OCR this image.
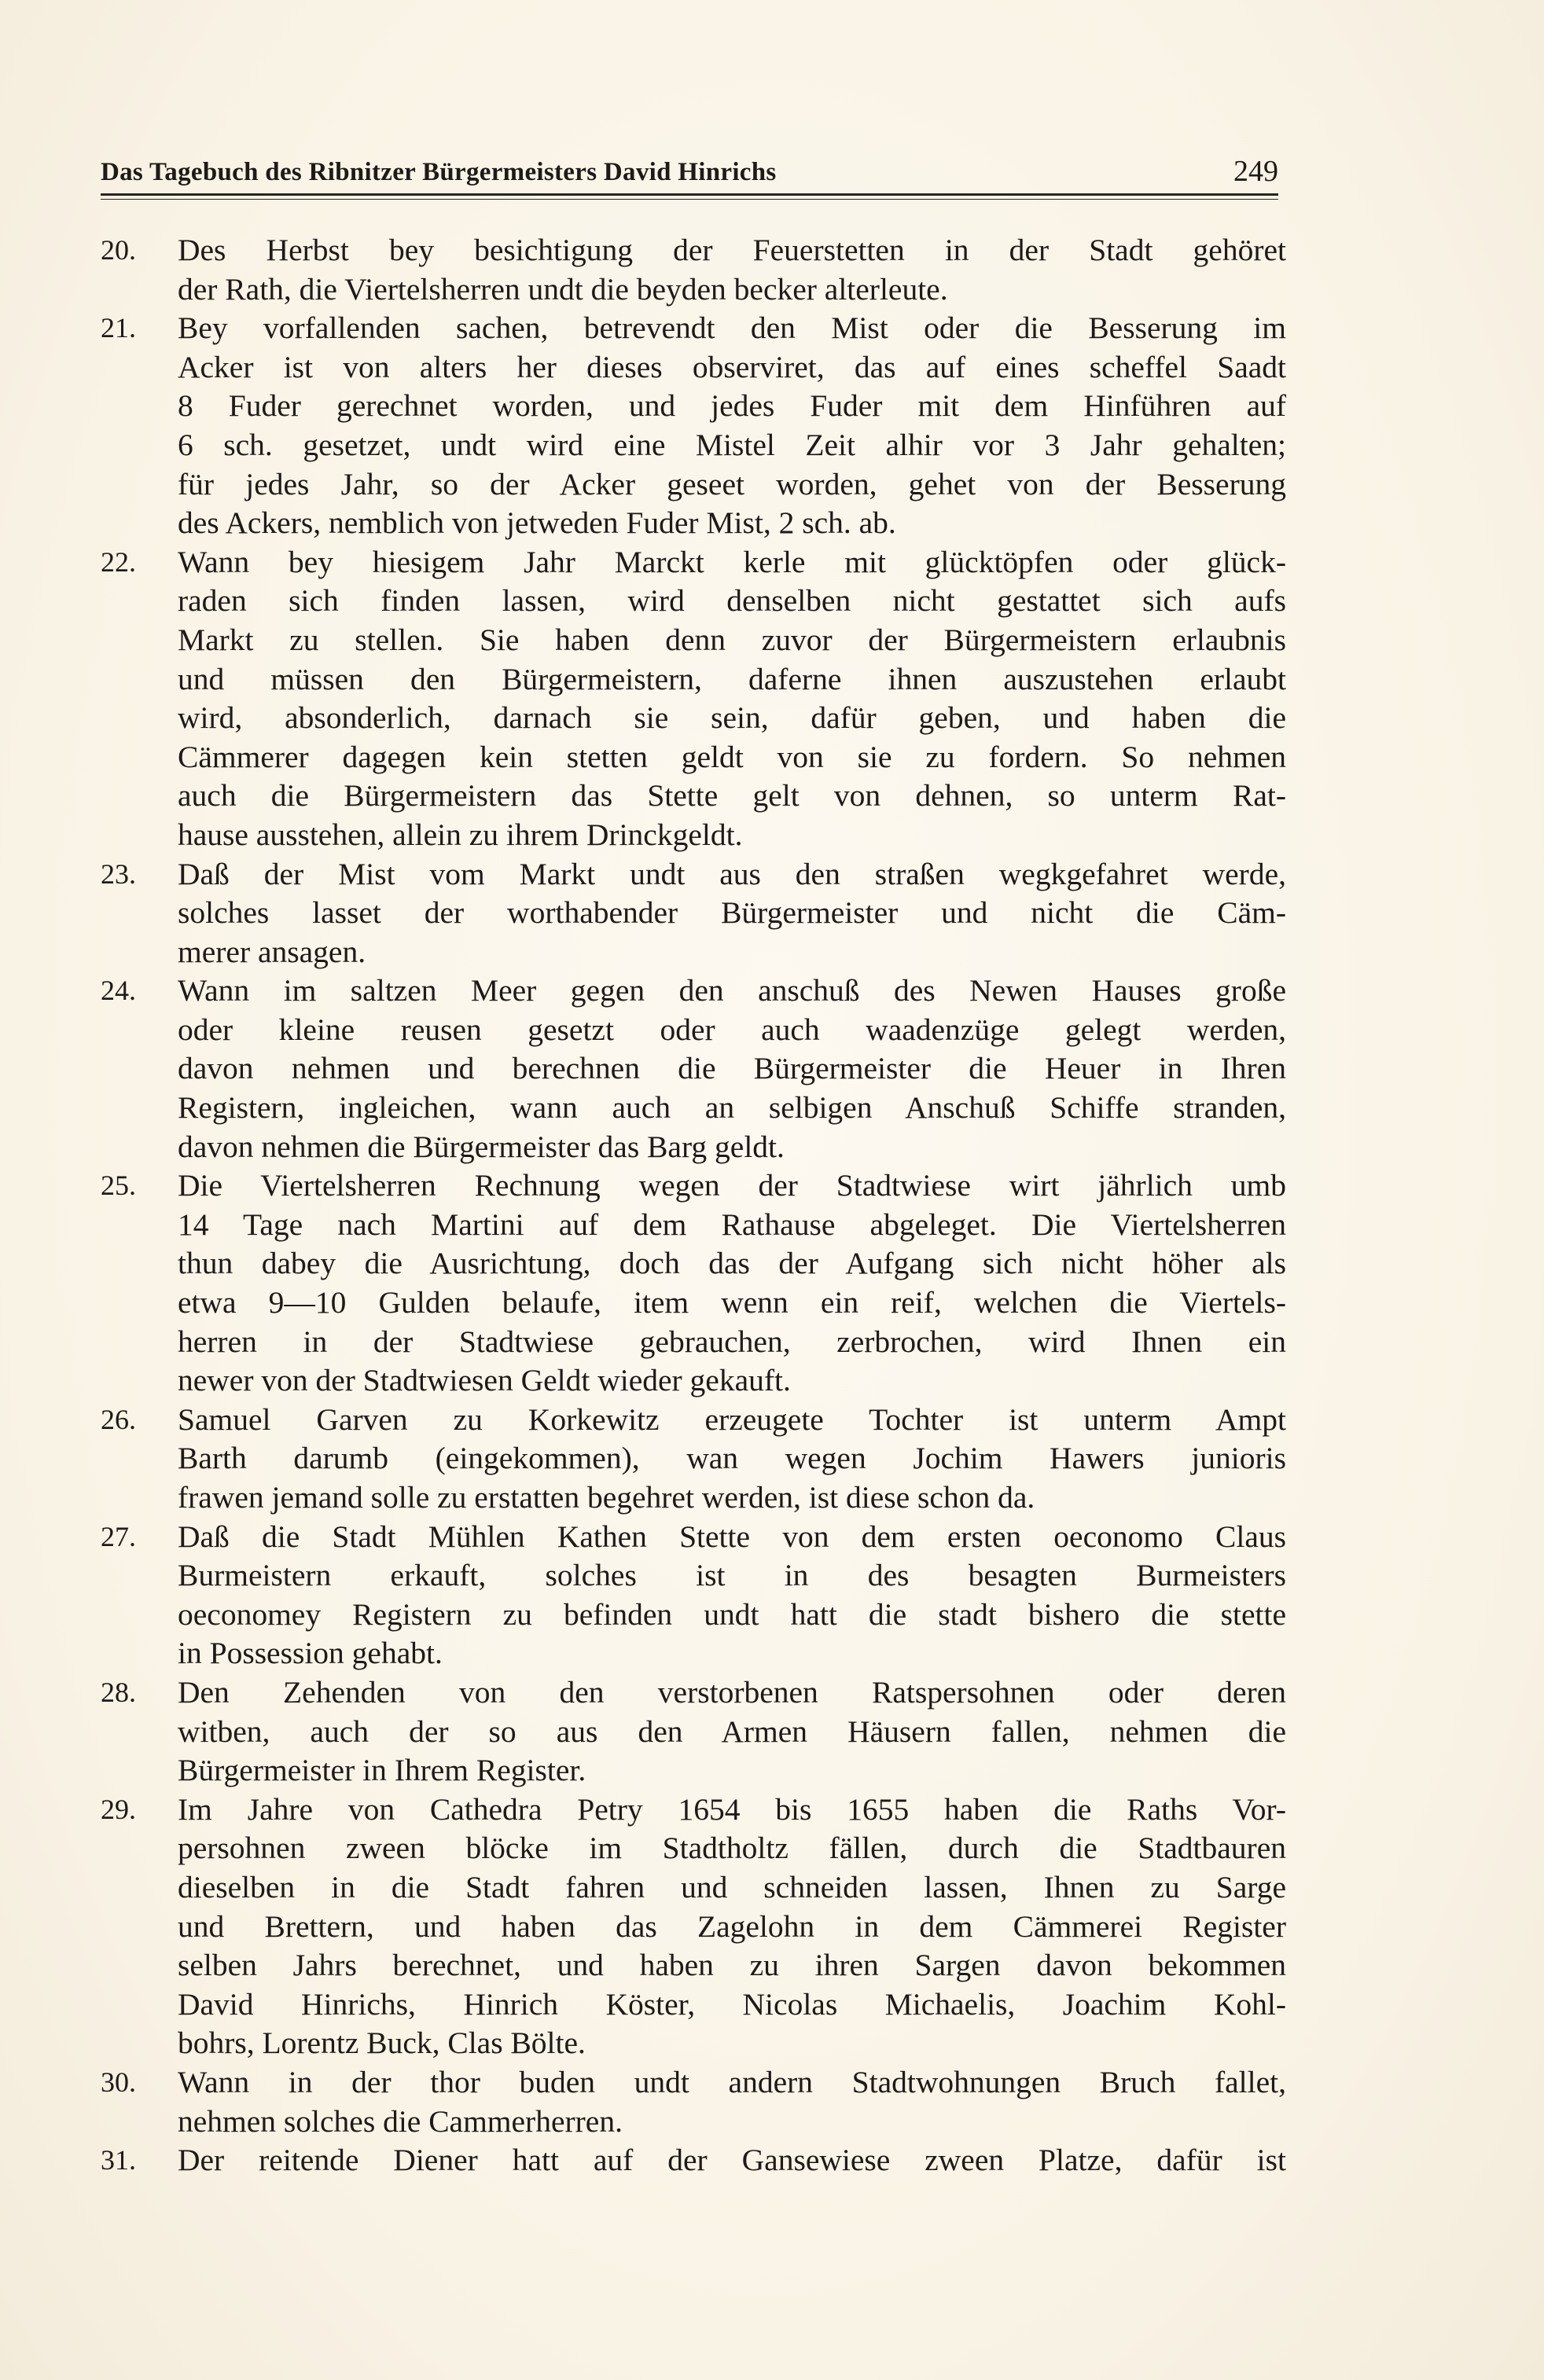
Das Tagebuch des Ribnitzer Bürgermeisters David Hinrichs	249
20.	Des Herbst bey besichtigung der Feuerstetten in der Stadt gehöret
der Rath, die Viertelsherren undt die beyden becker alterleute.
21.	Bey vorfallenden sachen, betrevendt den Mist oder die Besserung im
Acker ist von alters her dieses observiret, das auf eines scheffel Saadt
8 Fuder gerechnet worden, und jedes Fuder mit dem Hinführen auf
6 sch. gesetzet, undt wird eine Mistel Zeit alhir vor 3 Jahr gehalten;
für jedes Jahr, so der Acker geseet worden, gehet von der Besserung
des Ackers, nemblich von jetweden Fuder Mist, 2 sch. ab.
22.	Wann bey hiesigem Jahr Marckt kerle mit glücktöpfen oder glück-
raden sich finden lassen, wird denselben nicht gestattet sich aufs
Markt zu stellen. Sie haben denn zuvor der Bürgermeistern erlaubnis
und müssen den Bürgermeistern, daferne ihnen auszustehen erlaubt
wird, absonderlich, darnach sie sein, dafür geben, und haben die
Cämmerer dagegen kein stetten geldt von sie zu fordern. So nehmen
auch die Bürgermeistern das Stette gelt von dehnen, so unterm Rat-
hause ausstehen, allein zu ihrem Drinckgeldt.
23.	Daß der Mist vom Markt undt aus den straßen wegkgefahret werde,
solches lasset der worthabender Bürgermeister und nicht die Cäm-
merer ansagen.
24.	Wann im saltzen Meer gegen den anschuß des Newen Hauses große
oder kleine reusen gesetzt oder auch waadenzüge gelegt werden,
davon nehmen und berechnen die Bürgermeister die Heuer in Ihren
Registern, ingleichen, wann auch an selbigen Anschuß Schiffe stranden,
davon nehmen die Bürgermeister das Barg geldt.
25.	Die Viertelsherren Rechnung wegen der Stadtwiese wirt jährlich umb
14 Tage nach Martini auf dem Rathause abgeleget. Die Viertelsherren
thun dabey die Ausrichtung, doch das der Aufgang sich nicht höher als
etwa 9—10 Gulden belaufe, item wenn ein reif, welchen die Viertels-
herren in der Stadtwiese gebrauchen, zerbrochen, wird Ihnen ein
newer von der Stadtwiesen Geldt wieder gekauft.
26.	Samuel Garven zu Korkewitz erzeugete Tochter ist unterm Ampt
Barth darumb (eingekommen), wan wegen Jochim Hawers junioris
frawen jemand solle zu erstatten begehret werden, ist diese schon da.
27.	Daß die Stadt Mühlen Kathen Stette von dem ersten oeconomo Claus
Burmeistern erkauft, solches ist in des besagten Burmeisters
oeconomey Registern zu befinden undt hatt die stadt bishero die stette
in Possession gehabt.
28.	Den Zehenden von den verstorbenen Ratspersohnen oder deren
witben, auch der so aus den Armen Häusern fallen, nehmen die
Bürgermeister in Ihrem Register.
29.	Im Jahre von Cathedra Petry 1654 bis 1655 haben die Raths Vor-
persohnen zween blöcke im Stadtholtz fällen, durch die Stadtbauren
dieselben in die Stadt fahren und schneiden lassen, Ihnen zu Sarge
und Brettern, und haben das Zagelohn in dem Cämmerei Register
selben Jahrs berechnet, und haben zu ihren Sargen davon bekommen
David Hinrichs, Hinrich Köster, Nicolas Michaelis, Joachim Kohl-
bohrs, Lorentz Buck, Clas Bölte.
30.	Wann in der thor buden undt andern Stadtwohnungen Bruch fallet,
nehmen solches die Cammerherren.
31.	Der reitende Diener hatt auf der Gansewiese zween Platze, dafür ist
